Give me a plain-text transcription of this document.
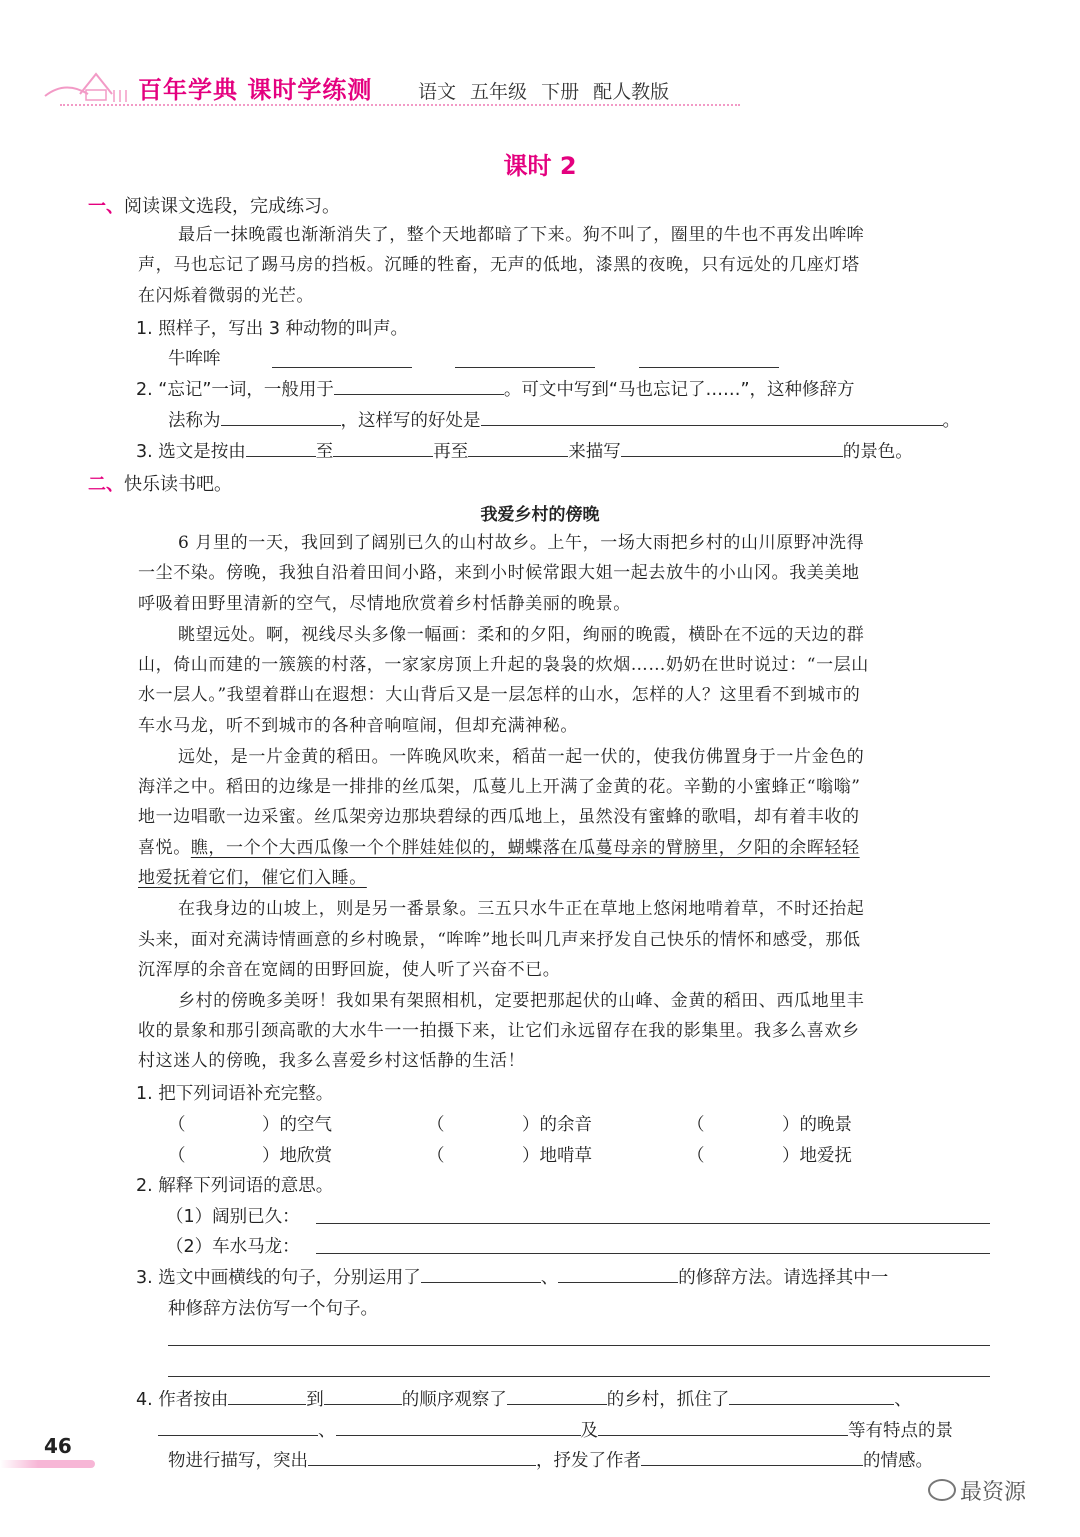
百年学典 课时学练测 语文 五年级 下册 配人教版
课时 2
一、阅读课文选段，完成练习。
最后一抹晚霞也渐渐消失了，整个天地都暗了下来。狗不叫了，圈里的牛也不再发出哞哞
声，马也忘记了踢马房的挡板。沉睡的牲畜，无声的低地，漆黑的夜晚，只有远处的几座灯塔
在闪烁着微弱的光芒。
1. 照样子，写出 3 种动物的叫声。
牛哞哞
2. “忘记”一词，一般用于	。可文中写到“马也忘记了……”，这种修辞方
法称为	，这样写的好处是	。
3. 选文是按由	至	再至	来描写	的景色。
二、快乐读书吧。
我爱乡村的傍晚
6 月里的一天，我回到了阔别已久的山村故乡。上午，一场大雨把乡村的山川原野冲洗得
一尘不染。傍晚，我独自沿着田间小路，来到小时候常跟大姐一起去放牛的小山冈。我美美地
呼吸着田野里清新的空气，尽情地欣赏着乡村恬静美丽的晚景。
眺望远处。啊，视线尽头多像一幅画：柔和的夕阳，绚丽的晚霞，横卧在不远的天边的群
山，倚山而建的一簇簇的村落，一家家房顶上升起的袅袅的炊烟……奶奶在世时说过：“一层山
水一层人。”我望着群山在遐想：大山背后又是一层怎样的山水，怎样的人？这里看不到城市的
车水马龙，听不到城市的各种音响喧闹，但却充满神秘。
远处，是一片金黄的稻田。一阵晚风吹来，稻苗一起一伏的，使我仿佛置身于一片金色的
海洋之中。稻田的边缘是一排排的丝瓜架，瓜蔓儿上开满了金黄的花。辛勤的小蜜蜂正“嗡嗡”
地一边唱歌一边采蜜。丝瓜架旁边那块碧绿的西瓜地上，虽然没有蜜蜂的歌唱，却有着丰收的
喜悦。瞧，一个个大西瓜像一个个胖娃娃似的，蝴蝶落在瓜蔓母亲的臂膀里，夕阳的余晖轻轻
地爱抚着它们，催它们入睡。
在我身边的山坡上，则是另一番景象。三五只水牛正在草地上悠闲地啃着草，不时还抬起
头来，面对充满诗情画意的乡村晚景，“哞哞”地长叫几声来抒发自己快乐的情怀和感受，那低
沉浑厚的余音在宽阔的田野回旋，使人听了兴奋不已。
乡村的傍晚多美呀！我如果有架照相机，定要把那起伏的山峰、金黄的稻田、西瓜地里丰
收的景象和那引颈高歌的大水牛一一拍摄下来，让它们永远留存在我的影集里。我多么喜欢乡
村这迷人的傍晚，我多么喜爱乡村这恬静的生活！
1. 把下列词语补充完整。
（	）的空气	（	）的余音	（	）的晚景
（	）地欣赏	（	）地啃草	（	）地爱抚
2. 解释下列词语的意思。
（1）阔别已久：
（2）车水马龙：
3. 选文中画横线的句子，分别运用了	、	的修辞方法。请选择其中一
种修辞方法仿写一个句子。
4. 作者按由	到	的顺序观察了	的乡村，抓住了	、
、	及	等有特点的景
物进行描写，突出	，抒发了作者	的情感。
46
最资源
